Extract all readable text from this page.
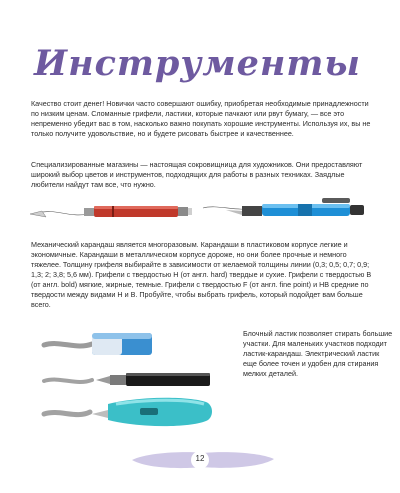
Инструменты

Качество стоит денег! Новички часто совершают ошибку, приобретая необходимые принадлежности по низким ценам. Сломанные грифели, ластики, которые пачкают или рвут бумагу, — все это непременно убедит вас в том, насколько важно покупать хорошие инструменты. Используя их, вы не только получите удовольствие, но и будете рисовать быстрее и качественнее.

Специализированные магазины — настоящая сокровищница для художников. Они предоставляют широкий выбор цветов и инструментов, подходящих для работы в разных техниках. Заядлые любители найдут там все, что нужно.

Механический карандаш является многоразовым. Карандаши в пластиковом корпусе легкие и экономичные. Карандаши в металлическом корпусе дороже, но они более прочные и немного тяжелее. Толщину грифеля выбирайте в зависимости от желаемой толщины линии (0,3; 0,5; 0,7; 0,9; 1,3; 2; 3,8; 5,6 мм). Грифели с твердостью H (от англ. hard) твердые и сухие. Грифели с твердостью B (от англ. bold) мягкие, жирные, темные. Грифели с твердостью F (от англ. fine point) и HB средние по твердости между видами H и B. Пробуйте, чтобы выбрать грифель, который подойдет вам больше всего.

Блочный ластик позволяет стирать большие участки. Для маленьких участков подходит ластик-карандаш. Электрический ластик еще более точен и удобен для стирания мелких деталей.

12
